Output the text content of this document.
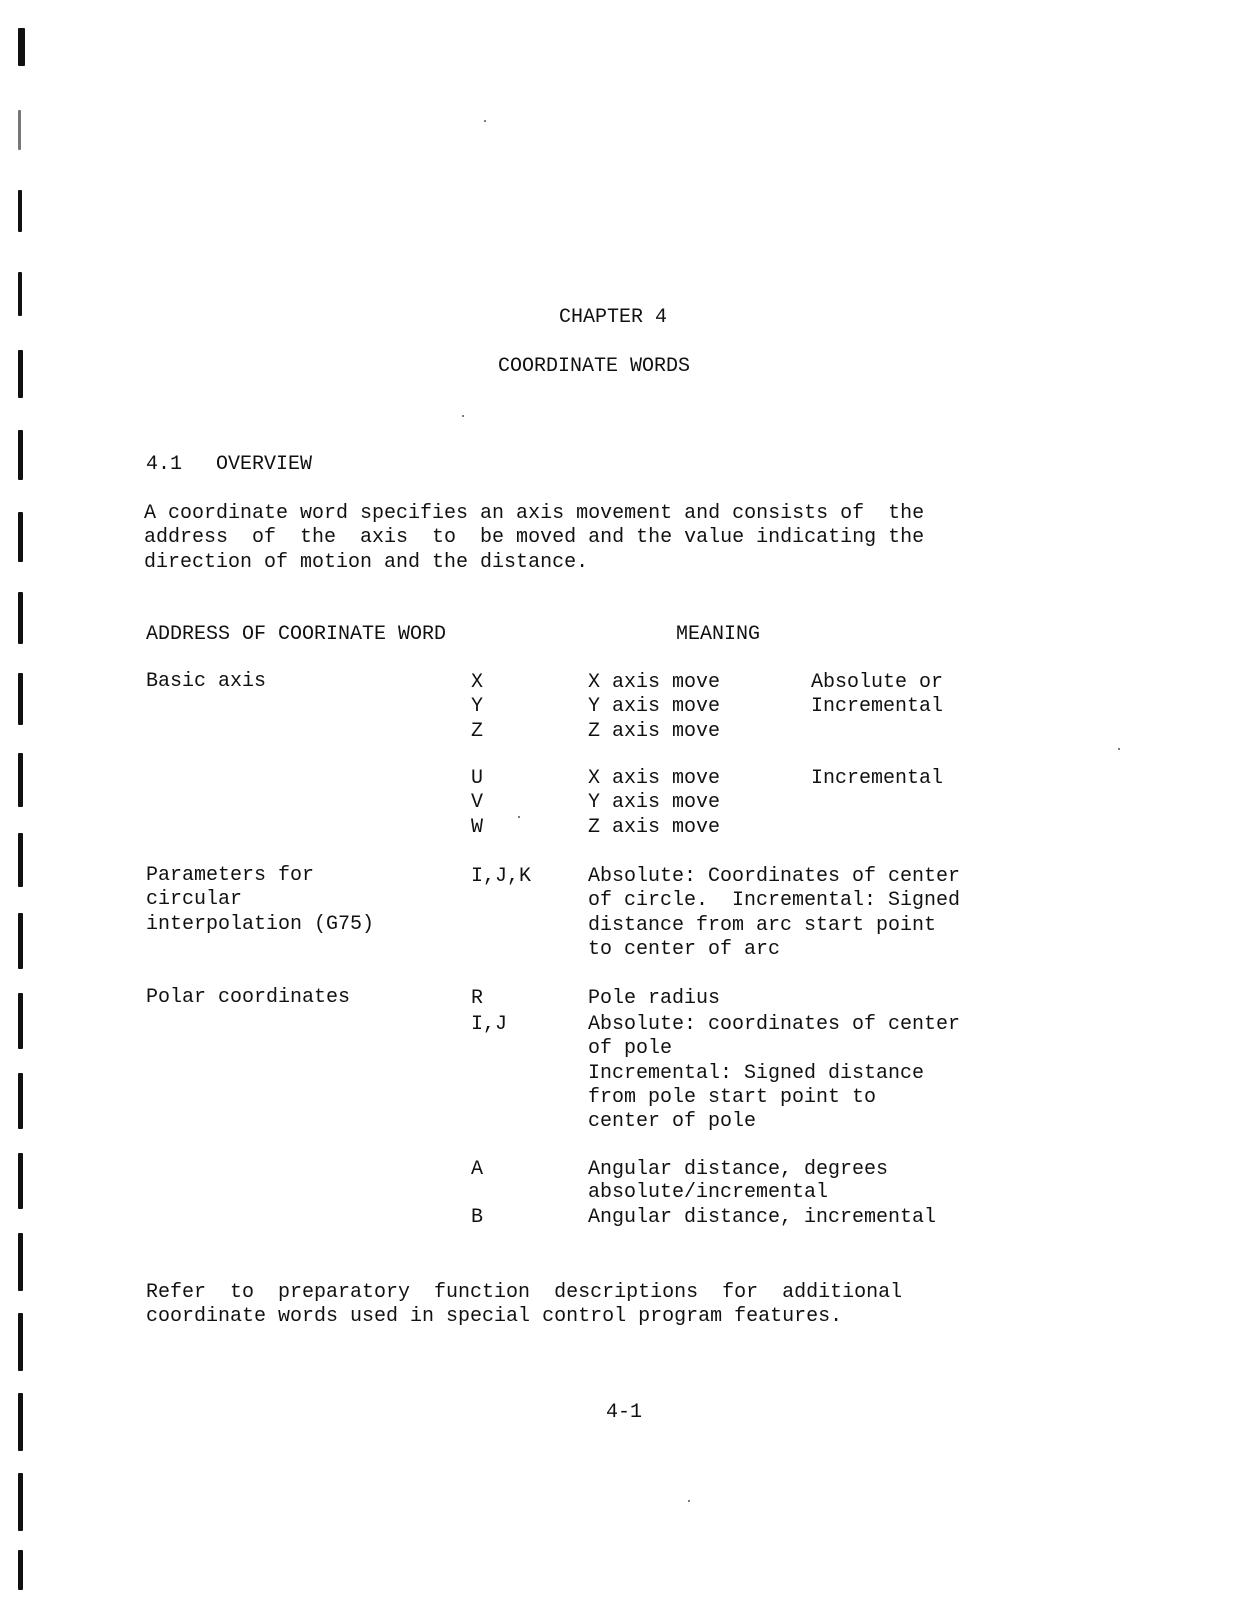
CHAPTER 4
COORDINATE WORDS
4.1 OVERVIEW
A coordinate word specifies an axis movement and consists of  the
address  of  the  axis  to  be moved and the value indicating the
direction of motion and the distance.
ADDRESS OF COORINATE WORD	MEANING
Basic axis	X	X axis move	Absolute or
Y	Y axis move	Incremental
Z	Z axis move
U	X axis move	Incremental
V	Y axis move
W	Z axis move
Parameters for
circular
interpolation (G75)
I,J,K	Absolute: Coordinates of center
of circle.  Incremental: Signed
distance from arc start point
to center of arc
Polar coordinates	R	Pole radius
I,J	Absolute: coordinates of center
of pole
Incremental: Signed distance
from pole start point to
center of pole
A	Angular distance, degrees
absolute/incremental
B	Angular distance, incremental
Refer  to  preparatory  function  descriptions  for  additional
coordinate words used in special control program features.
4-1
